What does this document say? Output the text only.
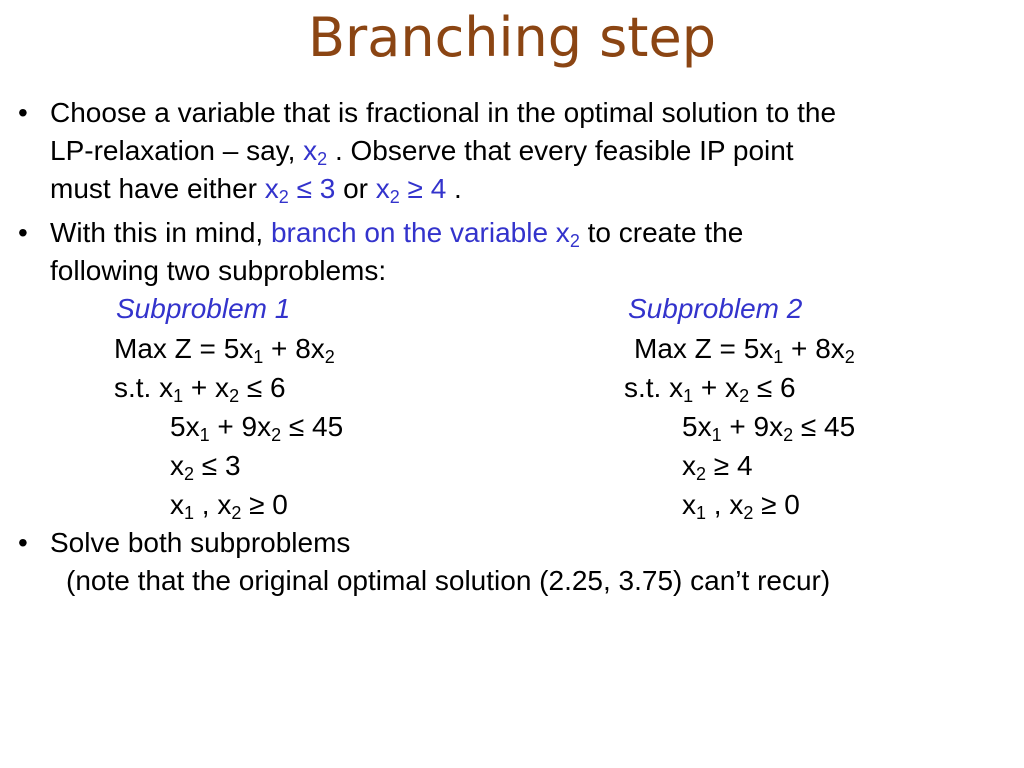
Branching step
• Choose a variable that is fractional in the optimal solution to the
LP-relaxation – say, $x_2$ . Observe that every feasible IP point
must have either $x_2 \le 3$ or $x_2 \ge 4$ .
• With this in mind, branch on the variable $x_2$ to create the
following two subproblems:
Subproblem 1
Max $Z = 5x_1 + 8x_2$
s.t. $x_1 + x_2 \le 6$
$5x_1 + 9x_2 \le 45$
$x_2 \le 3$
$x_1$ , $x_2 \ge 0$
Subproblem 2
Max $Z = 5x_1 + 8x_2$
s.t. $x_1 + x_2 \le 6$
$5x_1 + 9x_2 \le 45$
$x_2 \ge 4$
$x_1$ , $x_2 \ge 0$
• Solve both subproblems
(note that the original optimal solution (2.25, 3.75) can’t recur)
